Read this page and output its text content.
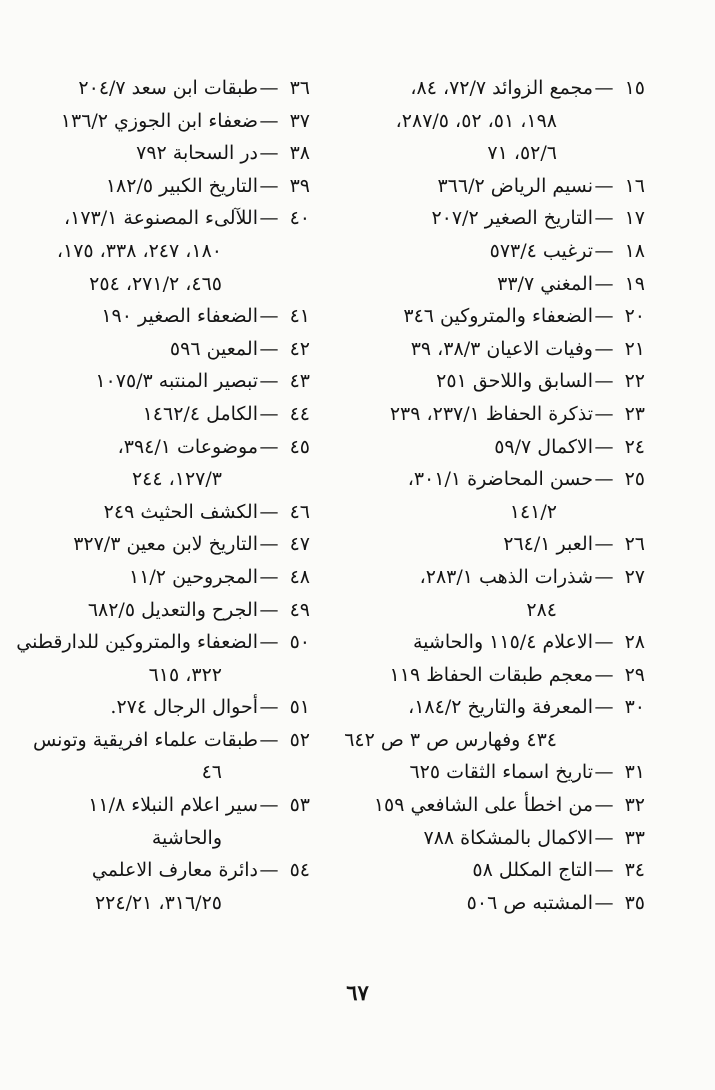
١٥—مجمع الزوائد ٧٢/٧، ٨٤،
١٩٨، ٥١، ٥٢، ٢٨٧/٥،
٥٢/٦، ٧١
١٦—نسيم الرياض ٣٦٦/٢
١٧—التاريخ الصغير ٢٠٧/٢
١٨—ترغيب ٥٧٣/٤
١٩—المغني ٣٣/٧
٢٠—الضعفاء والمتروكين ٣٤٦
٢١—وفيات الاعيان ٣٨/٣، ٣٩
٢٢—السابق واللاحق ٢٥١
٢٣—تذكرة الحفاظ ٢٣٧/١، ٢٣٩
٢٤—الاكمال ٥٩/٧
٢٥—حسن المحاضرة ٣٠١/١،
١٤١/٢
٢٦—العبر ٢٦٤/١
٢٧—شذرات الذهب ٢٨٣/١،
٢٨٤
٢٨—الاعلام ١١٥/٤ والحاشية
٢٩—معجم طبقات الحفاظ ١١٩
٣٠—المعرفة والتاريخ ١٨٤/٢،
٤٣٤ وفهارس ص ٣ ص ٦٤٢
٣١—تاريخ اسماء الثقات ٦٢٥
٣٢—من اخطأ على الشافعي ١٥٩
٣٣—الاكمال بالمشكاة ٧٨٨
٣٤—التاج المكلل ٥٨
٣٥—المشتبه ص ٥٠٦
٣٦—طبقات ابن سعد ٢٠٤/٧
٣٧—ضعفاء ابن الجوزي ١٣٦/٢
٣٨—در السحابة ٧٩٢
٣٩—التاريخ الكبير ١٨٢/٥
٤٠—اللآلىء المصنوعة ١٧٣/١،
١٨٠، ٢٤٧، ٣٣٨، ١٧٥،
٤٦٥، ٢٧١/٢، ٢٥٤
٤١—الضعفاء الصغير ١٩٠
٤٢—المعين ٥٩٦
٤٣—تبصير المنتبه ١٠٧٥/٣
٤٤—الكامل ١٤٦٢/٤
٤٥—موضوعات ٣٩٤/١،
١٢٧/٣، ٢٤٤
٤٦—الكشف الحثيث ٢٤٩
٤٧—التاريخ لابن معين ٣٢٧/٣
٤٨—المجروحين ١١/٢
٤٩—الجرح والتعديل ٦٨٢/٥
٥٠—الضعفاء والمتروكين للدارقطني
٣٢٢، ٦١٥
٥١—أحوال الرجال ٢٧٤.
٥٢—طبقات علماء افريقية وتونس
٤٦
٥٣—سير اعلام النبلاء ١١/٨
والحاشية
٥٤—دائرة معارف الاعلمي
٣١٦/٢٥، ٢٢٤/٢١
٦٧
